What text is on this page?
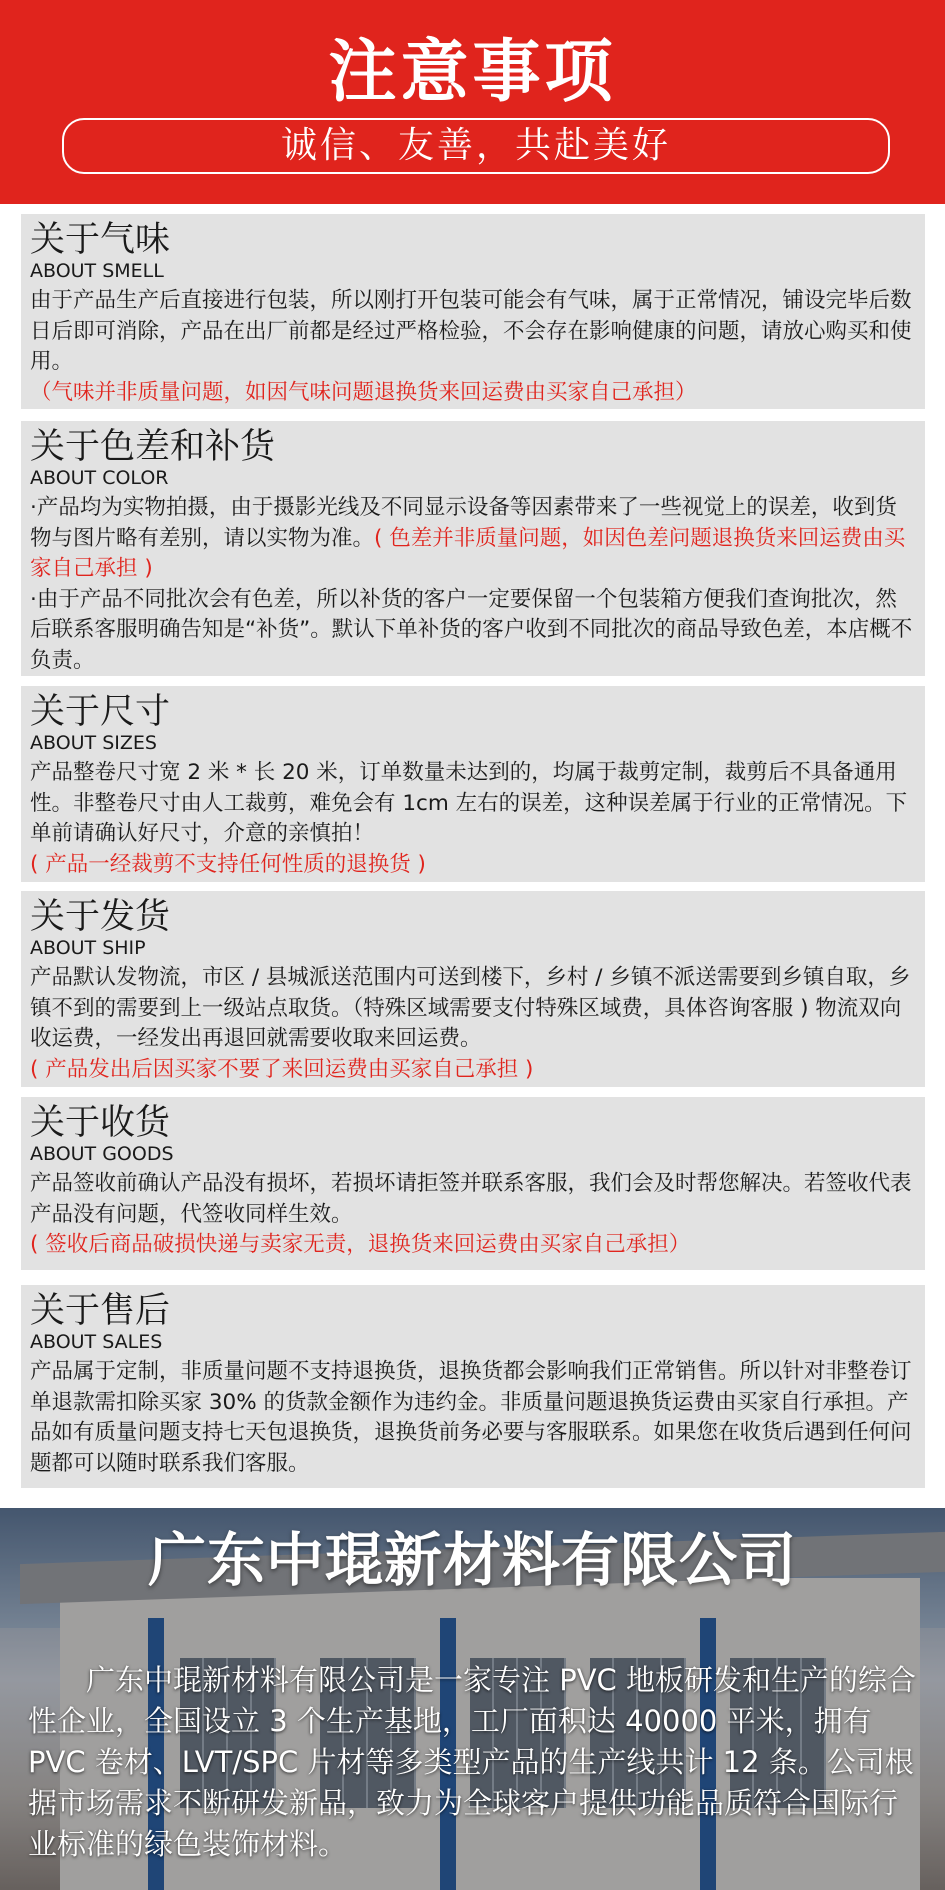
注意事项
诚信、友善，共赴美好
关于气味
ABOUT SMELL
由于产品生产后直接进行包装，所以刚打开包装可能会有气味，属于正常情况，铺设完毕后数日后即可消除，产品在出厂前都是经过严格检验，不会存在影响健康的问题，请放心购买和使用。
（气味并非质量问题，如因气味问题退换货来回运费由买家自己承担）
关于色差和补货
ABOUT COLOR
·产品均为实物拍摄，由于摄影光线及不同显示设备等因素带来了一些视觉上的误差，收到货物与图片略有差别，请以实物为准。( 色差并非质量问题，如因色差问题退换货来回运费由买家自己承担 )
·由于产品不同批次会有色差，所以补货的客户一定要保留一个包装箱方便我们查询批次，然后联系客服明确告知是“补货”。默认下单补货的客户收到不同批次的商品导致色差，本店概不负责。
关于尺寸
ABOUT SIZES
产品整卷尺寸宽 2 米 * 长 20 米，订单数量未达到的，均属于裁剪定制，裁剪后不具备通用性。非整卷尺寸由人工裁剪，难免会有 1cm 左右的误差，这种误差属于行业的正常情况。下单前请确认好尺寸，介意的亲慎拍！
( 产品一经裁剪不支持任何性质的退换货 )
关于发货
ABOUT SHIP
产品默认发物流，市区 / 县城派送范围内可送到楼下，乡村 / 乡镇不派送需要到乡镇自取，乡镇不到的需要到上一级站点取货。（特殊区域需要支付特殊区域费，具体咨询客服 ) 物流双向收运费，一经发出再退回就需要收取来回运费。
( 产品发出后因买家不要了来回运费由买家自己承担 )
关于收货
ABOUT GOODS
产品签收前确认产品没有损坏，若损坏请拒签并联系客服，我们会及时帮您解决。若签收代表产品没有问题，代签收同样生效。
( 签收后商品破损快递与卖家无责，退换货来回运费由买家自己承担）
关于售后
ABOUT SALES
产品属于定制，非质量问题不支持退换货，退换货都会影响我们正常销售。所以针对非整卷订单退款需扣除买家 30% 的货款金额作为违约金。非质量问题退换货运费由买家自行承担。产品如有质量问题支持七天包退换货，退换货前务必要与客服联系。如果您在收货后遇到任何问题都可以随时联系我们客服。
广东中琨新材料有限公司
广东中琨新材料有限公司是一家专注 PVC 地板研发和生产的综合性企业，全国设立 3 个生产基地，工厂面积达 40000 平米，拥有 PVC 卷材、LVT/SPC 片材等多类型产品的生产线共计 12 条。公司根据市场需求不断研发新品，致力为全球客户提供功能品质符合国际行业标准的绿色装饰材料。
